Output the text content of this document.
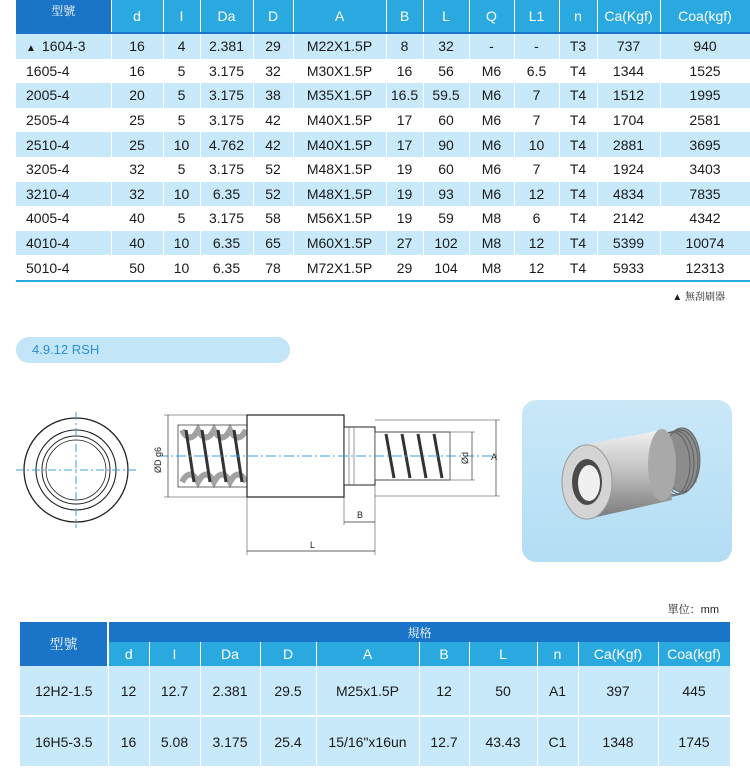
型號	d	I	Da	D	A	B	L	Q	L1	n	Ca(Kgf)	Coa(kgf)
▲ 1604-3	16	4	2.381	29	M22X1.5P	8	32	-	-	T3	737	940
1605-4	16	5	3.175	32	M30X1.5P	16	56	M6	6.5	T4	1344	1525
2005-4	20	5	3.175	38	M35X1.5P	16.5	59.5	M6	7	T4	1512	1995
2505-4	25	5	3.175	42	M40X1.5P	17	60	M6	7	T4	1704	2581
2510-4	25	10	4.762	42	M40X1.5P	17	90	M6	10	T4	2881	3695
3205-4	32	5	3.175	52	M48X1.5P	19	60	M6	7	T4	1924	3403
3210-4	32	10	6.35	52	M48X1.5P	19	93	M6	12	T4	4834	7835
4005-4	40	5	3.175	58	M56X1.5P	19	59	M8	6	T4	2142	4342
4010-4	40	10	6.35	65	M60X1.5P	27	102	M8	12	T4	5399	10074
5010-4	50	10	6.35	78	M72X1.5P	29	104	M8	12	T4	5933	12313
▲ 無刮刷器
4.9.12 RSH
ØD g6	Ød A
B
L
單位：mm
型號	規格									
	d	I	Da	D	A	B	L	n	Ca(Kgf)	Coa(kgf)
12H2-1.5	12	12.7	2.381	29.5	M25x1.5P	12	50	A1	397	445
16H5-3.5	16	5.08	3.175	25.4	15/16"x16un	12.7	43.43	C1	1348	1745
